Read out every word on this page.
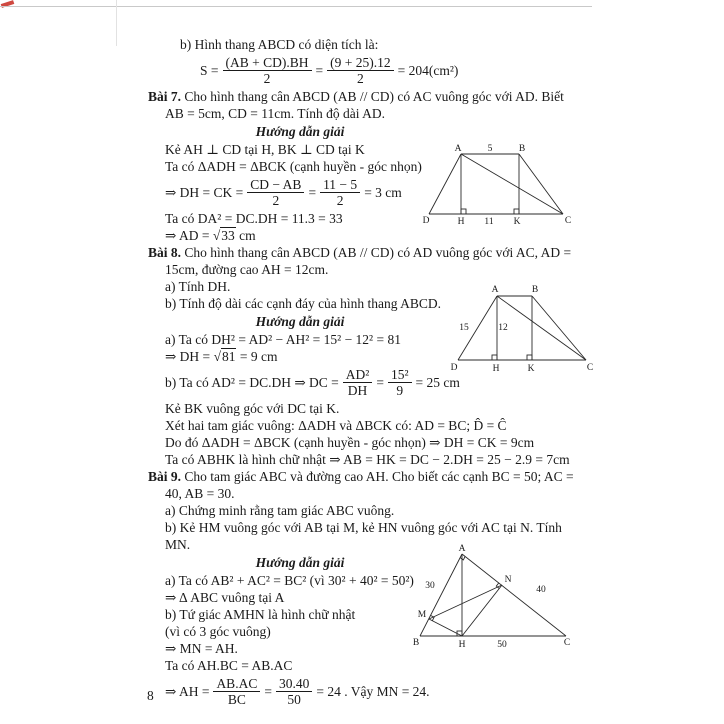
b) Hình thang ABCD có diện tích là:
$S = \frac{(AB + CD).BH}{2} = \frac{(9 + 25).12}{2} = 204(cm^2)$
Bài 7. Cho hình thang cân ABCD (AB // CD) có AC vuông góc với AD. Biết AB = 5cm, CD = 11cm. Tính độ dài AD.
Hướng dẫn giải
Kẻ AH ⊥ CD tại H, BK ⊥ CD tại K
Ta có ΔADH = ΔBCK (cạnh huyền - góc nhọn)
⇒ DH = CK = $\frac{CD - AB}{2} = \frac{11 - 5}{2} = 3$ cm
Ta có DA² = DC.DH = 11.3 = 33
⇒ AD = √33 cm
A	B
5
D	H 11 K	C
Bài 8. Cho hình thang cân ABCD (AB // CD) có AD vuông góc với AC, AD = 15cm, đường cao AH = 12cm.
a) Tính DH.
b) Tính độ dài các cạnh đáy của hình thang ABCD.
Hướng dẫn giải
a) Ta có DH² = AD² − AH² = 15² − 12² = 81
⇒ DH = √81 = 9 cm
b) Ta có AD² = DC.DH ⇒ DC = $\frac{\text{AD²}}{DH} = \frac{\text{15²}}{9} = 25$ cm
Kẻ BK vuông góc với DC tại K.
Xét hai tam giác vuông: ΔADH và ΔBCK có: AD = BC; D̂ = Ĉ
Do đó ΔADH = ΔBCK (cạnh huyền - góc nhọn) ⇒ DH = CK = 9cm
Ta có ABHK là hình chữ nhật ⇒ AB = HK = DC − 2.DH = 25 − 2.9 = 7cm
A	B
15	12
D	H	K	C
Bài 9. Cho tam giác ABC và đường cao AH. Cho biết các cạnh BC = 50; AC = 40, AB = 30.
a) Chứng minh rằng tam giác ABC vuông.
b) Kẻ HM vuông góc với AB tại M, kẻ HN vuông góc với AC tại N. Tính MN.
Hướng dẫn giải
a) Ta có AB² + AC² = BC² (vì 30² + 40² = 50²)
⇒ Δ ABC vuông tại A
b) Tứ giác AMHN là hình chữ nhật
(vì có 3 góc vuông)
⇒ MN = AH.
Ta có AH.BC = AB.AC
⇒ AH = $\frac{AB.AC}{BC} = \frac{30.40}{50} = 24$ . Vậy MN = 24.
A
B	C
H	50
M
N
30	40
8
